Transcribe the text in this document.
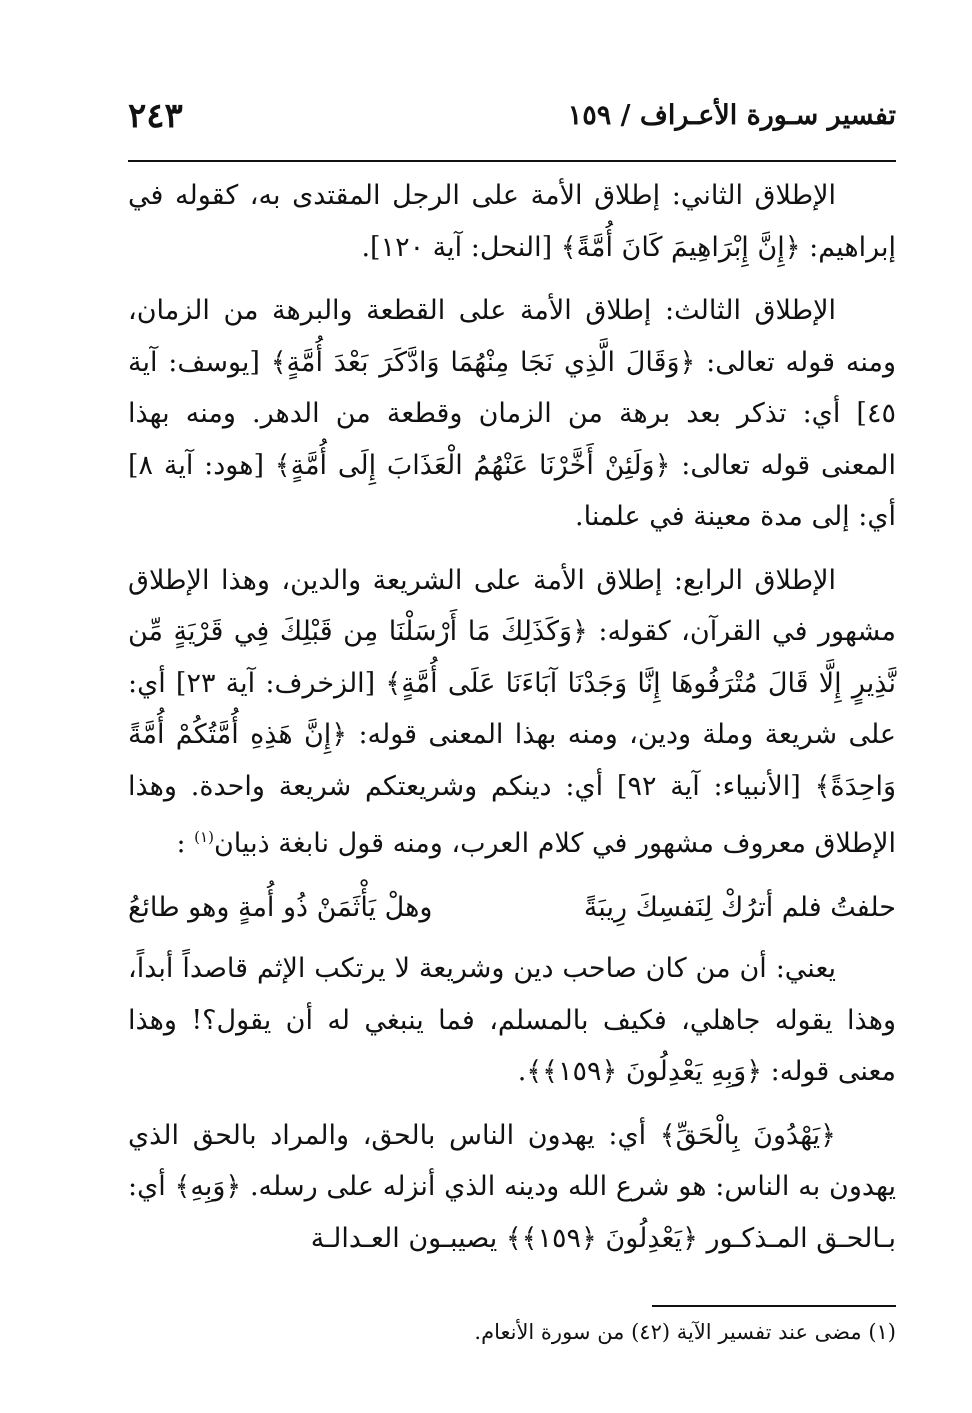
٢٤٣	تفسير سـورة الأعـراف / ١٥٩

الإطلاق الثاني: إطلاق الأمة على الرجل المقتدى به، كقوله في إبراهيم: ﴿إِنَّ إِبْرَاهِيمَ كَانَ أُمَّةً﴾ [النحل: آية ١٢٠].

الإطلاق الثالث: إطلاق الأمة على القطعة والبرهة من الزمان، ومنه قوله تعالى: ﴿وَقَالَ الَّذِي نَجَا مِنْهُمَا وَادَّكَرَ بَعْدَ أُمَّةٍ﴾ [يوسف: آية ٤٥] أي: تذكر بعد برهة من الزمان وقطعة من الدهر. ومنه بهذا المعنى قوله تعالى: ﴿وَلَئِنْ أَخَّرْنَا عَنْهُمُ الْعَذَابَ إِلَى أُمَّةٍ﴾ [هود: آية ٨] أي: إلى مدة معينة في علمنا.

الإطلاق الرابع: إطلاق الأمة على الشريعة والدين، وهذا الإطلاق مشهور في القرآن، كقوله: ﴿وَكَذَلِكَ مَا أَرْسَلْنَا مِن قَبْلِكَ فِي قَرْيَةٍ مِّن نَّذِيرٍ إِلَّا قَالَ مُتْرَفُوهَا إِنَّا وَجَدْنَا آبَاءَنَا عَلَى أُمَّةٍ﴾ [الزخرف: آية ٢٣] أي: على شريعة وملة ودين، ومنه بهذا المعنى قوله: ﴿إِنَّ هَذِهِ أُمَّتُكُمْ أُمَّةً وَاحِدَةً﴾ [الأنبياء: آية ٩٢] أي: دينكم وشريعتكم شريعة واحدة. وهذا الإطلاق معروف مشهور في كلام العرب، ومنه قول نابغة ذبيان$^{(١)}$ :

حلفتُ فلم أترُكْ لِنَفسِكَ رِيبَةً
وهلْ يَأْثَمَنْ ذُو أُمةٍ وهو طائعُ

يعني: أن من كان صاحب دين وشريعة لا يرتكب الإثم قاصداً أبداً، وهذا يقوله جاهلي، فكيف بالمسلم، فما ينبغي له أن يقول؟! وهذا معنى قوله: ﴿وَبِهِ يَعْدِلُونَ ﴿١٥٩﴾﴾.

﴿يَهْدُونَ بِالْحَقِّ﴾ أي: يهدون الناس بالحق، والمراد بالحق الذي يهدون به الناس: هو شرع الله ودينه الذي أنزله على رسله. ﴿وَبِهِ﴾ أي: بـالحـق المـذكـور ﴿يَعْدِلُونَ ﴿١٥٩﴾﴾ يصيبـون العـدالـة

(١) مضى عند تفسير الآية (٤٢) من سورة الأنعام.
